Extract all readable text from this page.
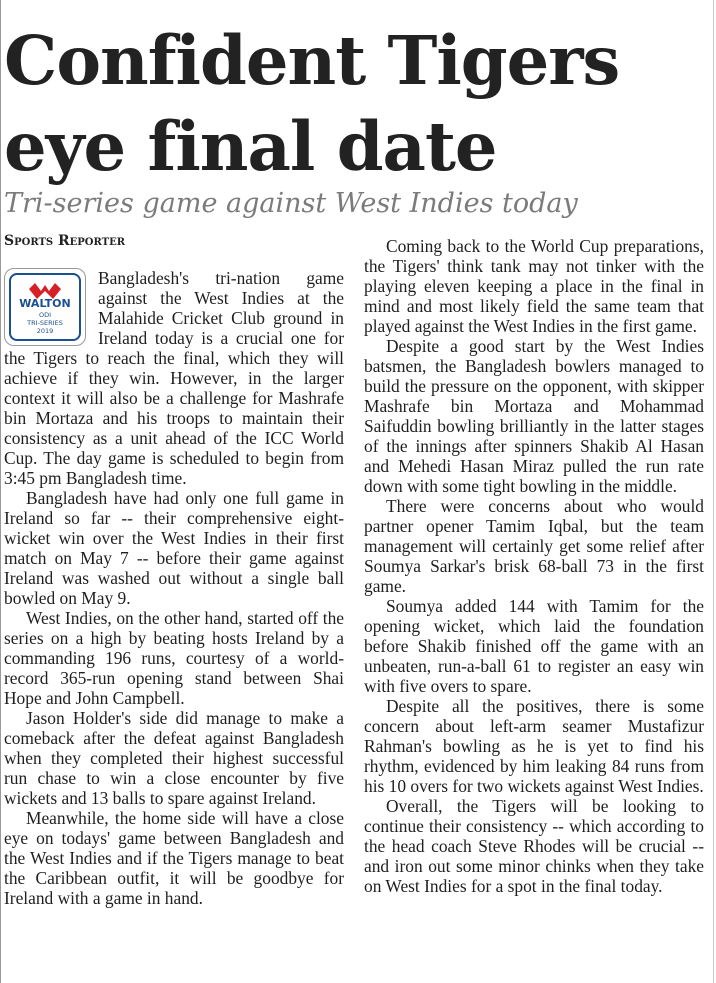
Confident Tigers
eye final date
Tri-series game against West Indies today
Sports Reporter
WALTON
ODI
TRI-SERIES
2019

Bangladesh's tri-nation game against the West Indies at the Malahide Cricket Club ground in Ireland today is a crucial one for the Tigers to reach the final, which they will achieve if they win. However, in the larger context it will also be a challenge for Mashrafe bin Mortaza and his troops to maintain their consistency as a unit ahead of the ICC World Cup. The day game is scheduled to begin from 3:45 pm Bangladesh time.

Bangladesh have had only one full game in Ireland so far -- their comprehensive eight-wicket win over the West Indies in their first match on May 7 -- before their game against Ireland was washed out without a single ball bowled on May 9.

West Indies, on the other hand, started off the series on a high by beating hosts Ireland by a commanding 196 runs, courtesy of a world-record 365-run opening stand between Shai Hope and John Campbell.

Jason Holder's side did manage to make a comeback after the defeat against Bangladesh when they completed their highest successful run chase to win a close encounter by five wickets and 13 balls to spare against Ireland.

Meanwhile, the home side will have a close eye on todays' game between Bangladesh and the West Indies and if the Tigers manage to beat the Caribbean outfit, it will be goodbye for Ireland with a game in hand.

Coming back to the World Cup preparations, the Tigers' think tank may not tinker with the playing eleven keeping a place in the final in mind and most likely field the same team that played against the West Indies in the first game.

Despite a good start by the West Indies batsmen, the Bangladesh bowlers managed to build the pressure on the opponent, with skipper Mashrafe bin Mortaza and Mohammad Saifuddin bowling brilliantly in the latter stages of the innings after spinners Shakib Al Hasan and Mehedi Hasan Miraz pulled the run rate down with some tight bowling in the middle.

There were concerns about who would partner opener Tamim Iqbal, but the team management will certainly get some relief after Soumya Sarkar's brisk 68-ball 73 in the first game.

Soumya added 144 with Tamim for the opening wicket, which laid the foundation before Shakib finished off the game with an unbeaten, run-a-ball 61 to register an easy win with five overs to spare.

Despite all the positives, there is some concern about left-arm seamer Mustafizur Rahman's bowling as he is yet to find his rhythm, evidenced by him leaking 84 runs from his 10 overs for two wickets against West Indies.

Overall, the Tigers will be looking to continue their consistency -- which according to the head coach Steve Rhodes will be crucial -- and iron out some minor chinks when they take on West Indies for a spot in the final today.
